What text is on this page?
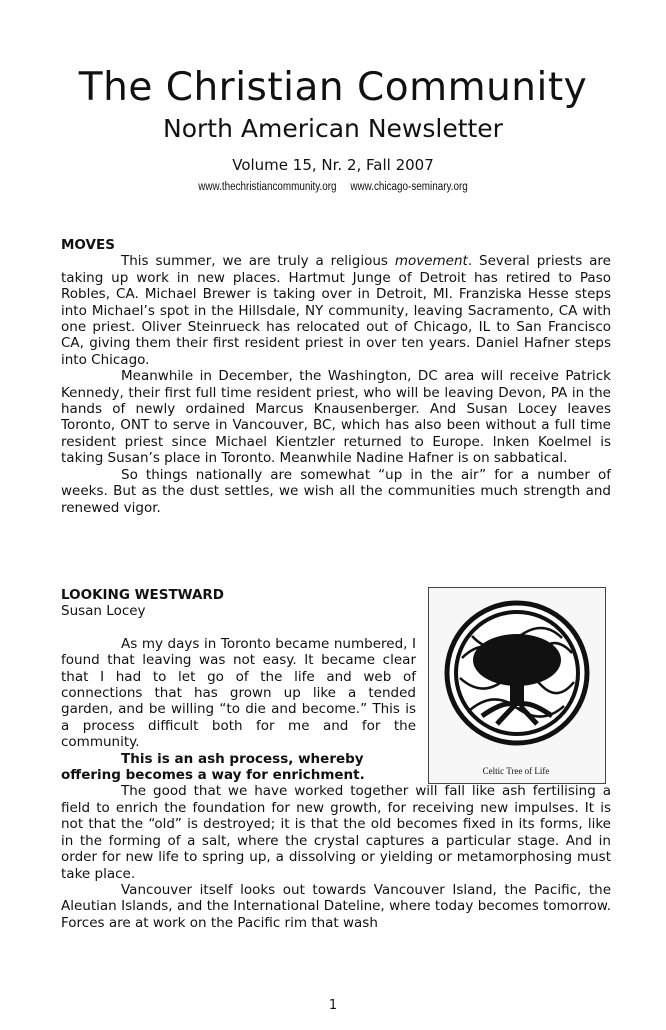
The Christian Community
North American Newsletter
Volume 15, Nr. 2, Fall 2007
www.thechristiancommunity.org www.chicago-seminary.org
MOVES

This summer, we are truly a religious movement. Several priests are taking up work in new places. Hartmut Junge of Detroit has retired to Paso Robles, CA. Michael Brewer is taking over in Detroit, MI. Franziska Hesse steps into Michael’s spot in the Hillsdale, NY community, leaving Sacramento, CA with one priest. Oliver Steinrueck has relocated out of Chicago, IL to San Francisco CA, giving them their first resident priest in over ten years. Daniel Hafner steps into Chicago.

Meanwhile in December, the Washington, DC area will receive Patrick Kennedy, their first full time resident priest, who will be leaving Devon, PA in the hands of newly ordained Marcus Knausenberger. And Susan Locey leaves Toronto, ONT to serve in Vancouver, BC, which has also been without a full time resident priest since Michael Kientzler returned to Europe. Inken Koelmel is taking Susan’s place in Toronto. Meanwhile Nadine Hafner is on sabbatical.

So things nationally are somewhat “up in the air” for a number of weeks. But as the dust settles, we wish all the communities much strength and renewed vigor.

Celtic Tree of Life
LOOKING WESTWARD

Susan Locey

As my days in Toronto became numbered, I found that leaving was not easy. It became clear that I had to let go of the life and web of connections that has grown up like a tended garden, and be willing “to die and become.” This is a process difficult both for me and for the community.

This is an ash process, whereby

offering becomes a way for enrichment.

The good that we have worked together will fall like ash fertilising a field to enrich the foundation for new growth, for receiving new impulses. It is not that the “old” is destroyed; it is that the old becomes fixed in its forms, like in the forming of a salt, where the crystal captures a particular stage. And in order for new life to spring up, a dissolving or yielding or metamorphosing must take place.

Vancouver itself looks out towards Vancouver Island, the Pacific, the Aleutian Islands, and the International Dateline, where today becomes tomorrow. Forces are at work on the Pacific rim that wash

1
